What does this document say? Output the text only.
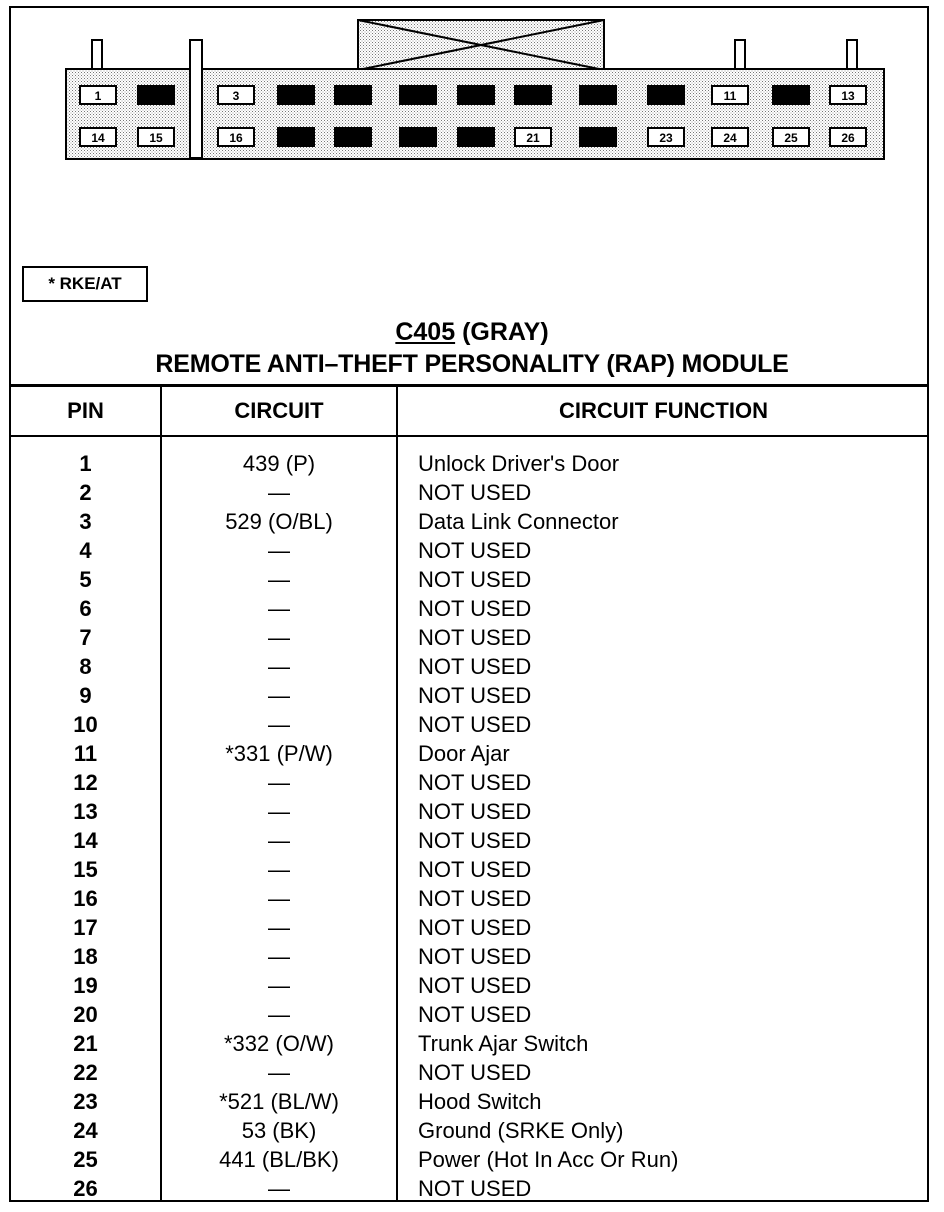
1	3	11	13
14	15	16	21	23	24	25	26
* RKE/AT
C405 (GRAY)
REMOTE ANTI–THEFT PERSONALITY (RAP) MODULE
PIN	CIRCUIT	CIRCUIT FUNCTION
1	439 (P)	Unlock Driver's Door
2	—	NOT USED
3	529 (O/BL)	Data Link Connector
4	—	NOT USED
5	—	NOT USED
6	—	NOT USED
7	—	NOT USED
8	—	NOT USED
9	—	NOT USED
10	—	NOT USED
11	*331 (P/W)	Door Ajar
12	—	NOT USED
13	—	NOT USED
14	—	NOT USED
15	—	NOT USED
16	—	NOT USED
17	—	NOT USED
18	—	NOT USED
19	—	NOT USED
20	—	NOT USED
21	*332 (O/W)	Trunk Ajar Switch
22	—	NOT USED
23	*521 (BL/W)	Hood Switch
24	53 (BK)	Ground (SRKE Only)
25	441 (BL/BK)	Power (Hot In Acc Or Run)
26	—	NOT USED
